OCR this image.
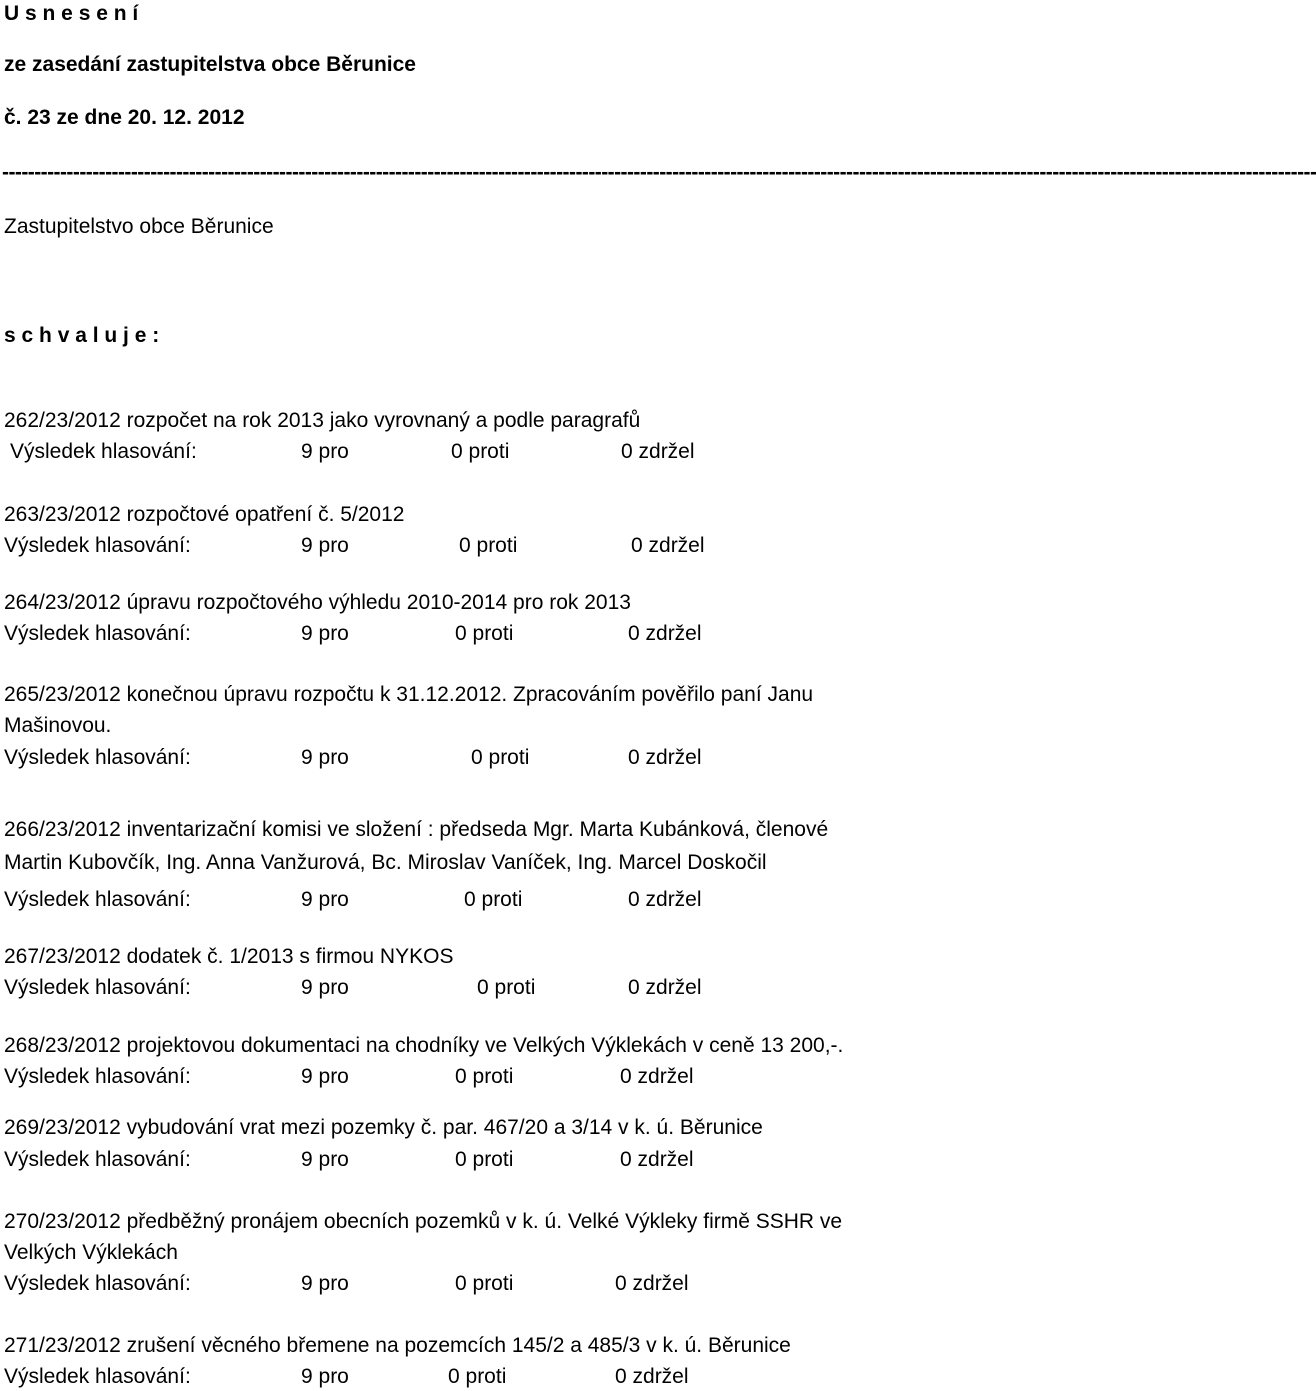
U s n e s e n í
ze zasedání zastupitelstva obce Běrunice
č. 23 ze dne 20. 12. 2012
------------------------------------------------------------------------------------------------------------------------------------------------------------------------------------------------------------
Zastupitelstvo obce Běrunice
s c h v a l u j e :
262/23/2012 rozpočet na rok 2013 jako vyrovnaný a podle paragrafů
Výsledek hlasování:	9 pro	0 proti	0 zdržel
263/23/2012 rozpočtové opatření č. 5/2012
Výsledek hlasování:	9 pro	0 proti	0 zdržel
264/23/2012 úpravu rozpočtového výhledu 2010-2014 pro rok 2013
Výsledek hlasování:	9 pro	0 proti	0 zdržel
265/23/2012 konečnou úpravu rozpočtu k 31.12.2012. Zpracováním pověřilo paní Janu
Mašinovou.
Výsledek hlasování:	9 pro	0 proti	0 zdržel
266/23/2012 inventarizační komisi ve složení : předseda Mgr. Marta Kubánková, členové
Martin Kubovčík, Ing. Anna Vanžurová, Bc. Miroslav Vaníček, Ing. Marcel Doskočil
Výsledek hlasování:	9 pro	0 proti	0 zdržel
267/23/2012 dodatek č. 1/2013 s firmou NYKOS
Výsledek hlasování:	9 pro	0 proti	0 zdržel
268/23/2012 projektovou dokumentaci na chodníky ve Velkých Výklekách v ceně 13 200,-.
Výsledek hlasování:	9 pro	0 proti	0 zdržel
269/23/2012 vybudování vrat mezi pozemky č. par. 467/20 a 3/14 v k. ú. Běrunice
Výsledek hlasování:	9 pro	0 proti	0 zdržel
270/23/2012 předběžný pronájem obecních pozemků v k. ú. Velké Výkleky firmě SSHR ve
Velkých Výklekách
Výsledek hlasování:	9 pro	0 proti	0 zdržel
271/23/2012 zrušení věcného břemene na pozemcích 145/2 a 485/3 v k. ú. Běrunice
Výsledek hlasování:	9 pro	0 proti	0 zdržel
